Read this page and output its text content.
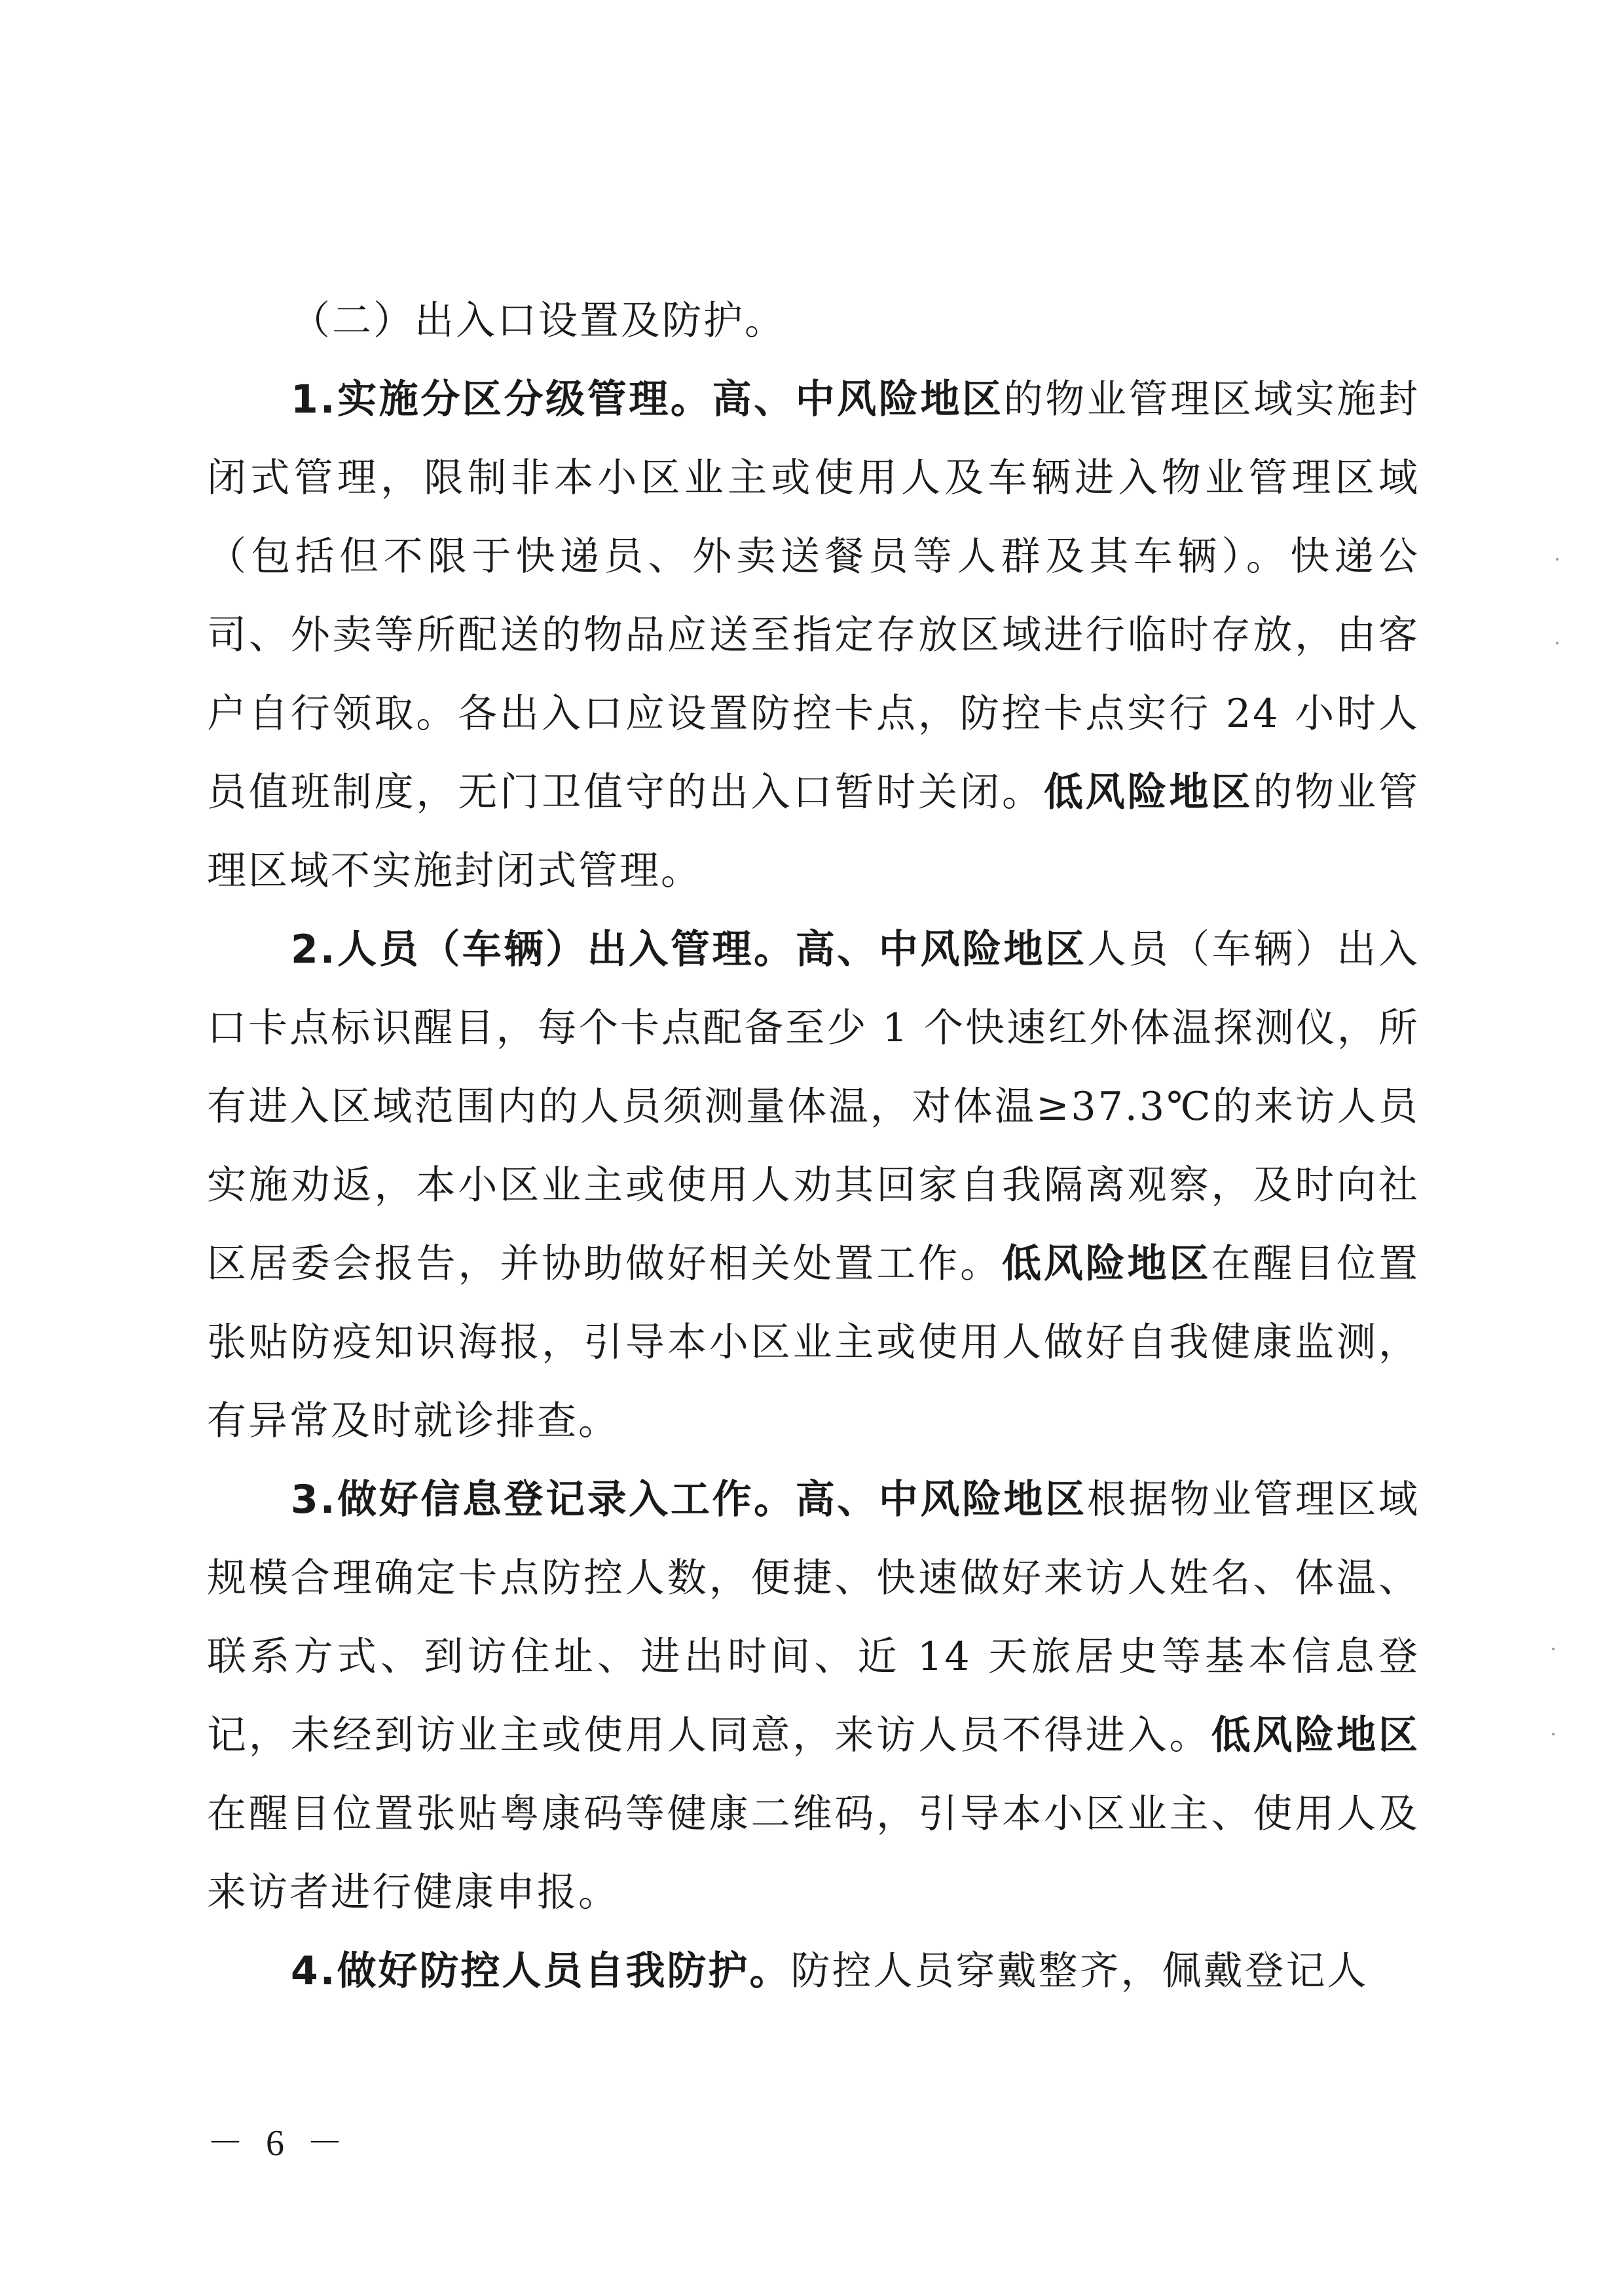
（二）出入口设置及防护。

1.实施分区分级管理。高、中风险地区的物业管理区域实施封闭式管理，限制非本小区业主或使用人及车辆进入物业管理区域（包括但不限于快递员、外卖送餐员等人群及其车辆）。快递公司、外卖等所配送的物品应送至指定存放区域进行临时存放，由客户自行领取。各出入口应设置防控卡点，防控卡点实行 24 小时人员值班制度，无门卫值守的出入口暂时关闭。低风险地区的物业管理区域不实施封闭式管理。

2.人员（车辆）出入管理。高、中风险地区人员（车辆）出入口卡点标识醒目，每个卡点配备至少 1 个快速红外体温探测仪，所有进入区域范围内的人员须测量体温，对体温≥37.3℃的来访人员实施劝返，本小区业主或使用人劝其回家自我隔离观察，及时向社区居委会报告，并协助做好相关处置工作。低风险地区在醒目位置张贴防疫知识海报，引导本小区业主或使用人做好自我健康监测，有异常及时就诊排查。

3.做好信息登记录入工作。高、中风险地区根据物业管理区域规模合理确定卡点防控人数，便捷、快速做好来访人姓名、体温、联系方式、到访住址、进出时间、近 14 天旅居史等基本信息登记，未经到访业主或使用人同意，来访人员不得进入。低风险地区在醒目位置张贴粤康码等健康二维码，引导本小区业主、使用人及来访者进行健康申报。

4.做好防控人员自我防护。防控人员穿戴整齐，佩戴登记人

－ 6 －
